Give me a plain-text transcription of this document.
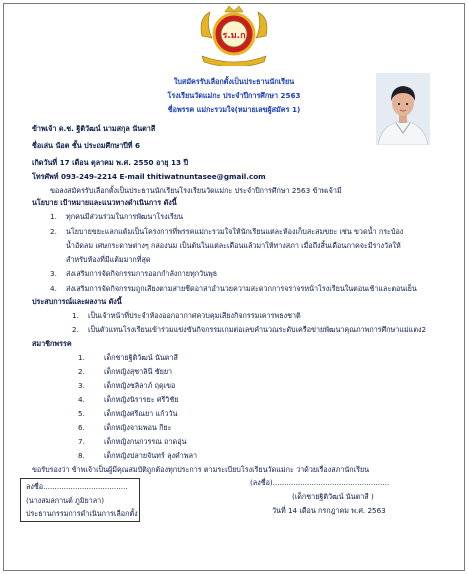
ร.ม.ก
ใบสมัครรับเลือกตั้งเป็นประธานนักเรียน
โรงเรียนวัดแม่กะ ประจำปีการศึกษา 2563
ชื่อพรรค แม่กะรวมใจ(หมายเลขผู้สมัคร 1)
ข้าพเจ้า ด.ช. ฐิติวัฒน์ นามสกุล นันตาสี
ชื่อเล่น น้อต ชั้น ประถมศึกษาปีที่ 6
เกิดวันที่ 17 เดือน ตุลาคม พ.ศ. 2550 อายุ 13 ปี
โทรศัพท์ 093-249-2214 E-mail thitiwatnuntasee@gmail.com
ขอลงสมัครรับเลือกตั้งเป็นประธานนักเรียนโรงเรียนวัดแม่กะ ประจำปีการศึกษา 2563 ข้าพเจ้ามี
นโยบาย เป้าหมายและแนวทางดำเนินการ ดังนี้
1. ทุกคนมีส่วนร่วมในการพัฒนาโรงเรียน
2. นโยบายขยะแลกแต้มเป็นโครงการที่พรรคแม่กะรวมใจให้นักเรียนแต่ละห้องเก็บสะสมขยะ เช่น ขวดน้ำ กระป๋อง
น้ำอัดลม เศษกระดาษต่างๆ กล่องนม เป็นต้นในแต่ละเดือนแล้วมาให้ทางสภา เมื่อถึงสิ้นเดือนภาคจะมีรางวัลให้
สำหรับห้องที่มีแต้มมากที่สุด
3. ส่งเสริมการจัดกิจกรรมการออกกำลังกายทุกวันพุธ
4. ส่งเสริมการจัดกิจกรรมถูกเสียงตามสายชีดอาสาอำนวยความสะดวกการจราจรหน้าโรงเรียนในตอนเช้าและตอนเย็น
ประสบการณ์และผลงาน ดังนี้
1. เป็นเจ้าหน้าที่ประจำห้องออกอากาศควบคุมเสียงกิจกรรมเคารพธงชาติ
2. เป็นตัวแทนโรงเรียนเข้าร่วมแข่งขันกิจกรรมเกมต่อเลขคำนวณระดับเครือข่ายพัฒนาคุณภาพการศึกษาแม่แตง2
สมาชิกพรรค
1.	เด็กชายฐิติวัฒน์ นันตาสี
2.	เด็กหญิงสุชาลินี ชัยยา
3.	เด็กหญิงชลิลาภ์ ฤดุเขอ
4.	เด็กหญิงนิรารยะ ศรีวิชัย
5.	เด็กหญิงศรีณยา แก้ววัน
6.	เด็กหญิงจามพอน กียะ
7.	เด็กหญิงกนกวรรณ ถาดอุ่น
8.	เด็กหญิงปลายจันทร์ ลุงคำพลา
ขอรับรองว่า ข้าพเจ้าเป็นผู้มีคุณสมบัติถูกต้องทุกประการ ตามระเบียบโรงเรียนวัดแม่กะ ว่าด้วยเรื่องสภานักเรียน
(ลงชื่อ)...................................................
(เด็กชายฐิติวัฒน์ นันตาสี )
วันที่ 14 เดือน กรกฎาคม พ.ศ. 2563
ลงชื่อ.....................................
(นางสมลกานต์ ภูมิยาลา)
ประธานกรรมการดำเนินการเลือกตั้ง
